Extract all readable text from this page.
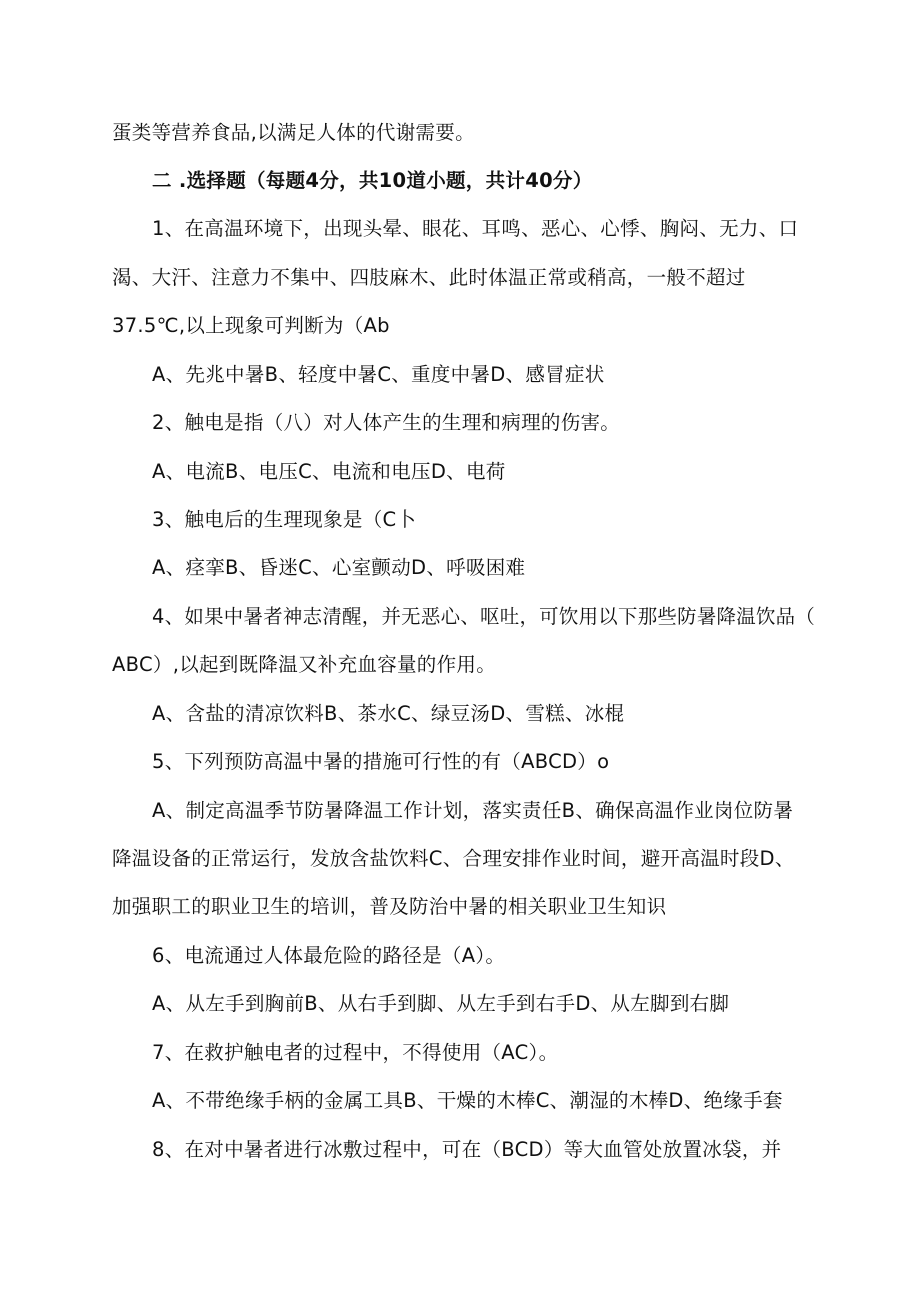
蛋类等营养食品,以满足人体的代谢需要。
二 .选择题（每题4分，共10道小题，共计40分）
1、在高温环境下，出现头晕、眼花、耳鸣、恶心、心悸、胸闷、无力、口
渴、大汗、注意力不集中、四肢麻木、此时体温正常或稍高，一般不超过
37.5℃,以上现象可判断为（Ab
A、先兆中暑B、轻度中暑C、重度中暑D、感冒症状
2、触电是指（八）对人体产生的生理和病理的伤害。
A、电流B、电压C、电流和电压D、电荷
3、触电后的生理现象是（C卜
A、痉挛B、昏迷C、心室颤动D、呼吸困难
4、如果中暑者神志清醒，并无恶心、呕吐，可饮用以下那些防暑降温饮品（
ABC）,以起到既降温又补充血容量的作用。
A、含盐的清凉饮料B、茶水C、绿豆汤D、雪糕、冰棍
5、下列预防高温中暑的措施可行性的有（ABCD）o
A、制定高温季节防暑降温工作计划，落实责任B、确保高温作业岗位防暑
降温设备的正常运行，发放含盐饮料C、合理安排作业时间，避开高温时段D、
加强职工的职业卫生的培训，普及防治中暑的相关职业卫生知识
6、电流通过人体最危险的路径是（A）。
A、从左手到胸前B、从右手到脚、从左手到右手D、从左脚到右脚
7、在救护触电者的过程中，不得使用（AC）。
A、不带绝缘手柄的金属工具B、干燥的木棒C、潮湿的木棒D、绝缘手套
8、在对中暑者进行冰敷过程中，可在（BCD）等大血管处放置冰袋，并
